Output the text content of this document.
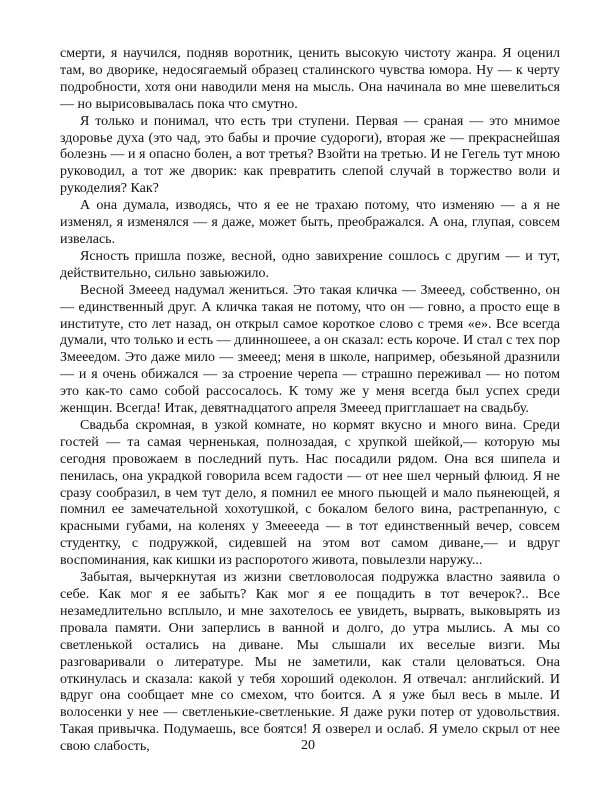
смерти, я научился, подняв воротник, ценить высокую чистоту жанра. Я оценил там, во дворике, недосягаемый образец сталинского чувства юмора. Ну — к черту подробности, хотя они наводили меня на мысль. Она начинала во мне шевелиться — но вырисовывалась пока что смутно.

Я только и понимал, что есть три ступени. Первая — сраная — это мнимое здоровье духа (это чад, это бабы и прочие судороги), вторая же — прекраснейшая болезнь — и я опасно болен, а вот третья? Взойти на третью. И не Гегель тут мною руководил, а тот же дворик: как превратить слепой случай в торжество воли и рукоделия? Как?

А она думала, изводясь, что я ее не трахаю потому, что изменяю — а я не изменял, я изменялся — я даже, может быть, преображался. А она, глупая, совсем извелась.

Ясность пришла позже, весной, одно завихрение сошлось с другим — и тут, действительно, сильно завьюжило.

Весной Змееед надумал жениться. Это такая кличка — Змееед, собственно, он — единственный друг. А кличка такая не потому, что он — говно, а просто еще в институте, сто лет назад, он открыл самое короткое слово с тремя «е». Все всегда думали, что только и есть — длинношеее, а он сказал: есть короче. И стал с тех пор Змееедом. Это даже мило — змееед; меня в школе, например, обезьяной дразнили — и я очень обижался — за строение черепа — страшно переживал — но потом это как-то само собой рассосалось. К тому же у меня всегда был успех среди женщин. Всегда! Итак, девятнадцатого апреля Змееед пригглашает на свадьбу.

Свадьба скромная, в узкой комнате, но кормят вкусно и много вина. Среди гостей — та самая черненькая, полнозадая, с хрупкой шейкой,— которую мы сегодня провожаем в последний путь. Нас посадили рядом. Она вся шипела и пенилась, она украдкой говорила всем гадости — от нее шел черный флюид. Я не сразу сообразил, в чем тут дело, я помнил ее много пьющей и мало пьянеющей, я помнил ее замечательной хохотушкой, с бокалом белого вина, растрепанную, с красными губами, на коленях у Змееееда — в тот единственный вечер, совсем студентку, с подружкой, сидевшей на этом вот самом диване,— и вдруг воспоминания, как кишки из распоротого живота, повылезли наружу...

Забытая, вычеркнутая из жизни светловолосая подружка властно заявила о себе. Как мог я ее забыть? Как мог я ее пощадить в тот вечерок?.. Все незамедлительно всплыло, и мне захотелось ее увидеть, вырвать, выковырять из провала памяти. Они заперлись в ванной и долго, до утра мылись. А мы со светленькой остались на диване. Мы слышали их веселые визги. Мы разговаривали о литературе. Мы не заметили, как стали целоваться. Она откинулась и сказала: какой у тебя хороший одеколон. Я отвечал: английский. И вдруг она сообщает мне со смехом, что боится. А я уже был весь в мыле. И волосенки у нее — светленькие-светленькие. Я даже руки потер от удовольствия. Такая привычка. Подумаешь, все боятся! Я озверел и ослаб. Я умело скрыл от нее свою слабость,	20
